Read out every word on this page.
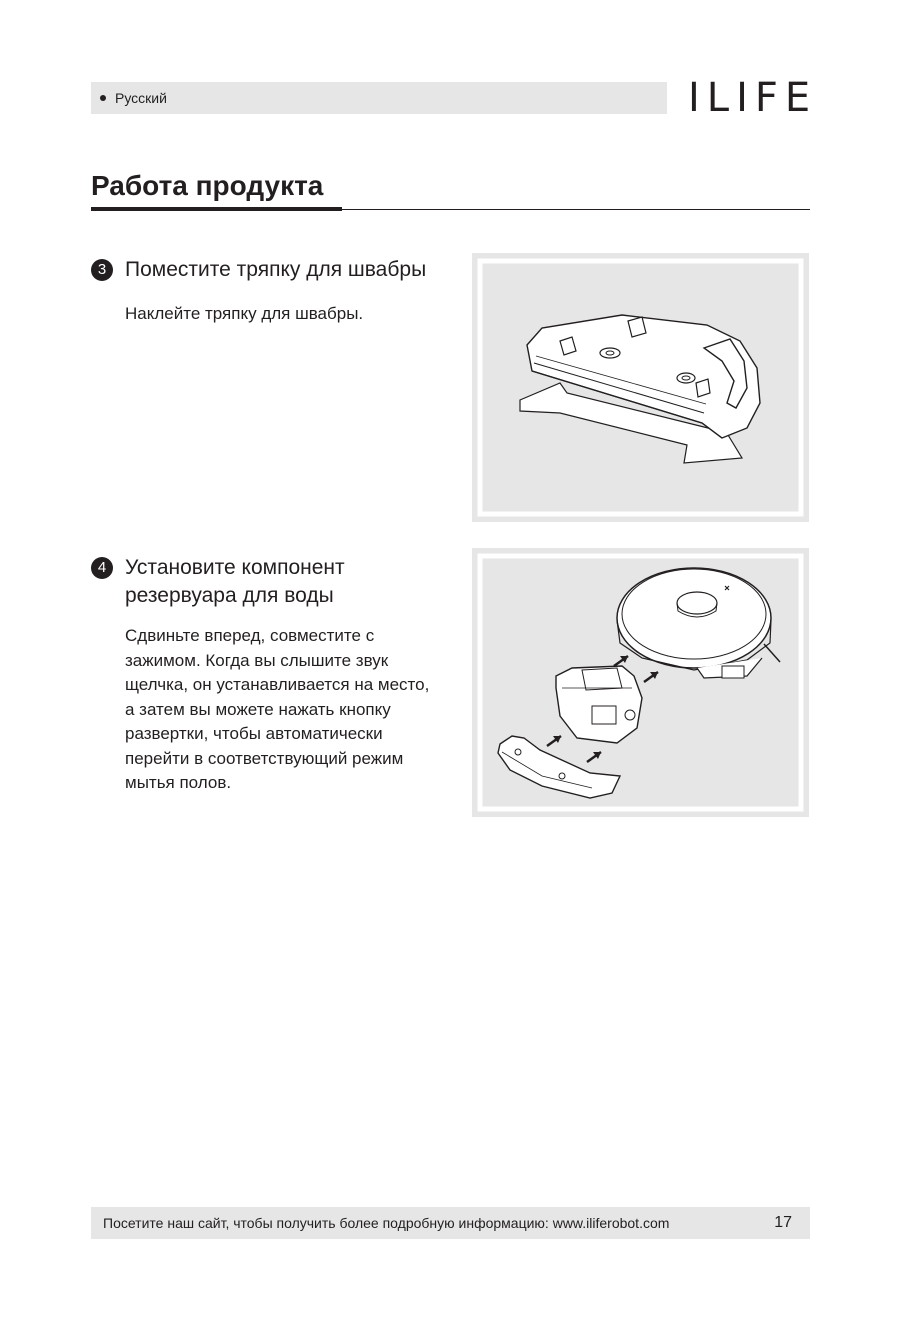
Русский	ILIFE
Работа продукта
3 Поместите тряпку для швабры

Наклейте тряпку для швабры.

4 Установите компонент
резервуара для воды

Сдвиньте вперед, совместите с
зажимом. Когда вы слышите звук
щелчка, он устанавливается на место,
а затем вы можете нажать кнопку
развертки, чтобы автоматически
перейти в соответствующий режим
мытья полов.

Посетите наш сайт, чтобы получить более подробную информацию: www.iliferobot.com	17
